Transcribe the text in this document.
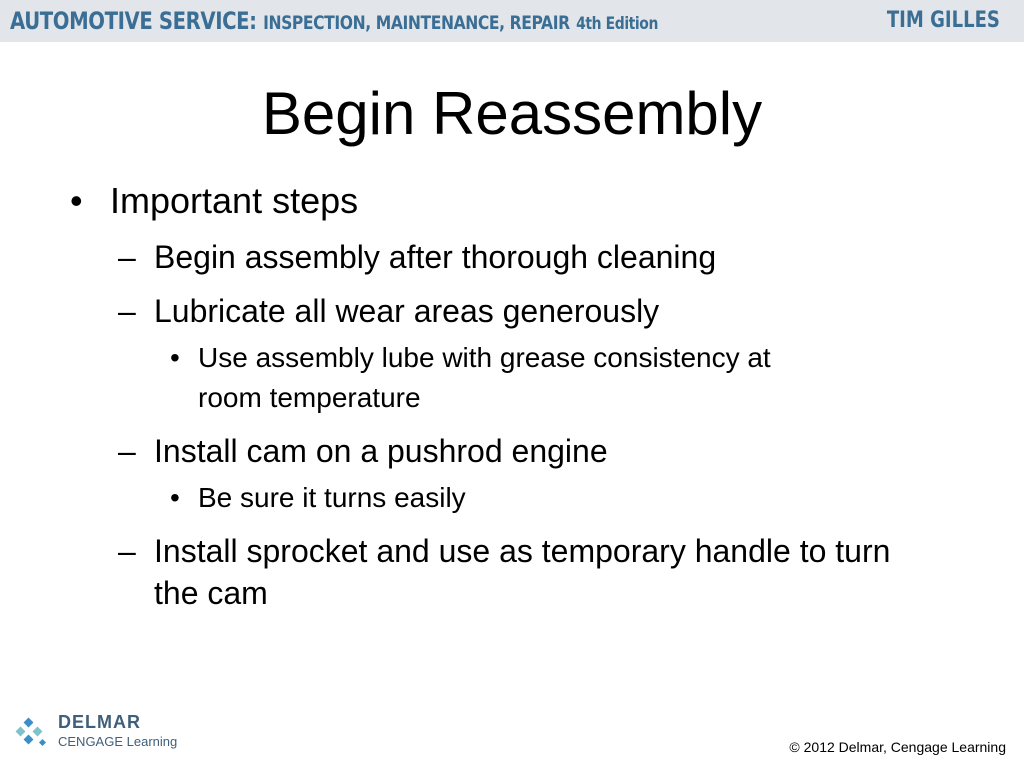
AUTOMOTIVE SERVICE: INSPECTION, MAINTENANCE, REPAIR 4th Edition	TIM GILLES
Begin Reassembly
• Important steps
– Begin assembly after thorough cleaning
– Lubricate all wear areas generously
• Use assembly lube with grease consistency at room temperature
– Install cam on a pushrod engine
• Be sure it turns easily
– Install sprocket and use as temporary handle to turn the cam
DELMAR
CENGAGE Learning	© 2012 Delmar, Cengage Learning
